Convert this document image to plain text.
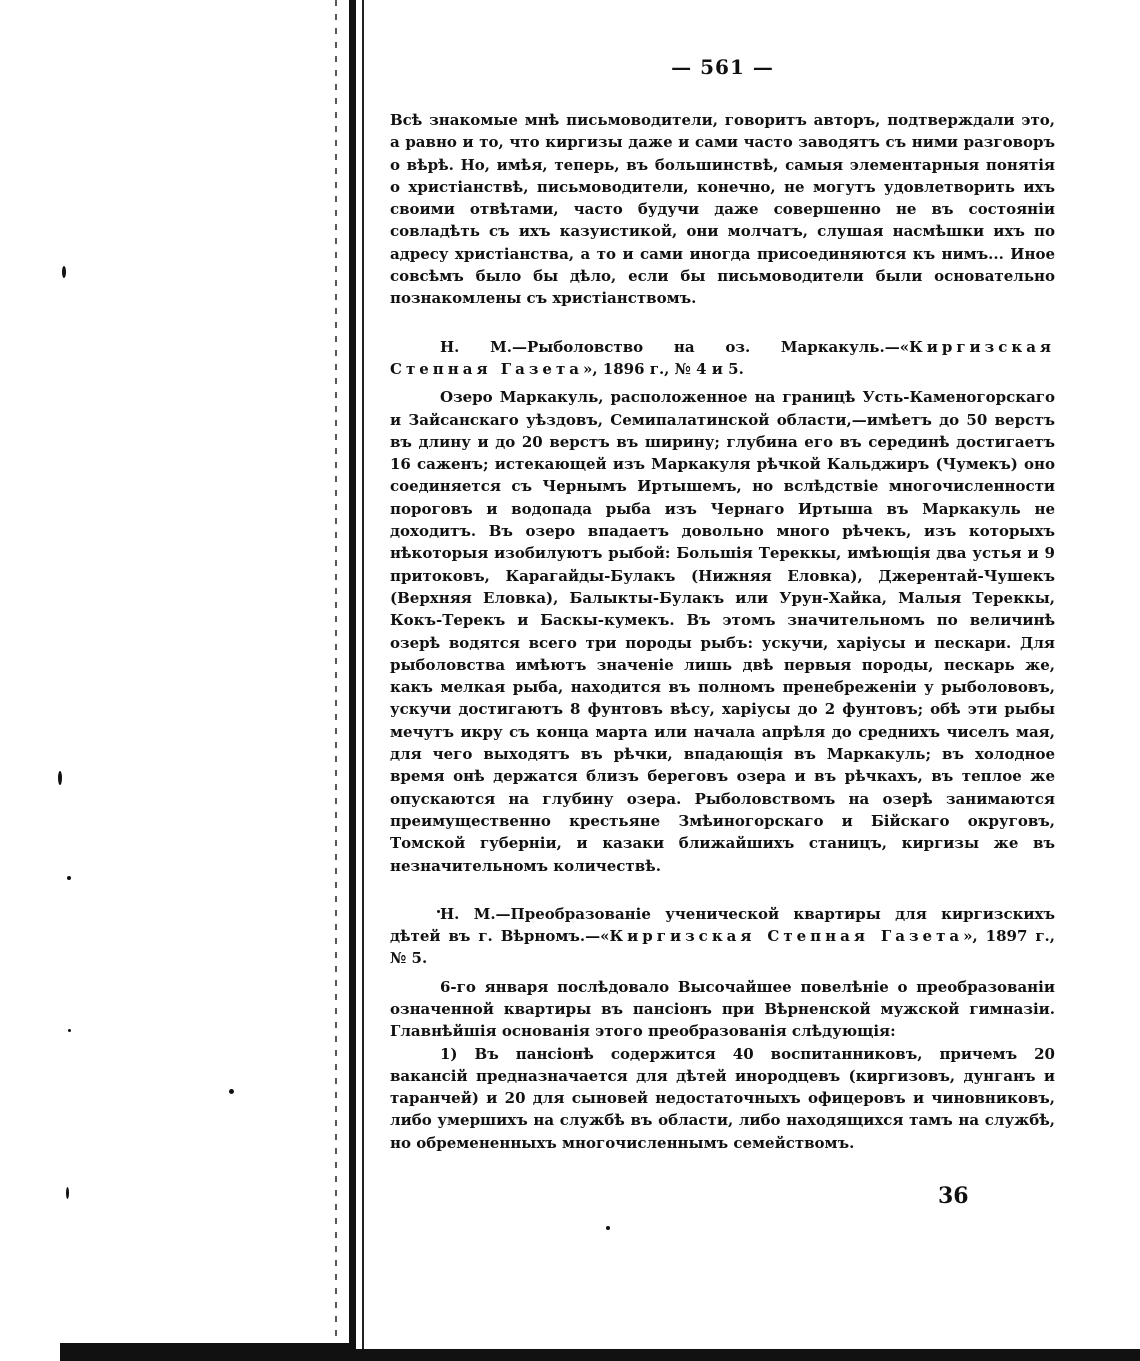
— 561 —

Всѣ знакомые мнѣ письмоводители, говоритъ авторъ, подтверждали это, а равно и то, что киргизы даже и сами часто заводятъ съ ними разговоръ о вѣрѣ. Но, имѣя, теперь, въ большинствѣ, самыя элементарныя понятія о христіанствѣ, письмоводители, конечно, не могутъ удовлетворить ихъ своими отвѣтами, часто будучи даже совершенно не въ состояніи совладѣть съ ихъ казуистикой, они молчатъ, слушая насмѣшки ихъ по адресу христіанства, а то и сами иногда присоединяются къ нимъ... Иное совсѣмъ было бы дѣло, если бы письмоводители были основательно познакомлены съ христіанствомъ.

Н. М.—Рыболовство на оз. Маркакуль.—«Киргизская Степная Газета», 1896 г., № 4 и 5.

Озеро Маркакуль, расположенное на границѣ Усть-Каменогорскаго и Зайсанскаго уѣздовъ, Семипалатинской области,—имѣетъ до 50 верстъ въ длину и до 20 верстъ въ ширину; глубина его въ серединѣ достигаетъ 16 саженъ; истекающей изъ Маркакуля рѣчкой Кальджиръ (Чумекъ) оно соединяется съ Чернымъ Иртышемъ, но вслѣдствіе многочисленности пороговъ и водопада рыба изъ Чернаго Иртыша въ Маркакуль не доходитъ. Въ озеро впадаетъ довольно много рѣчекъ, изъ которыхъ нѣкоторыя изобилуютъ рыбой: Большія Тереккы, имѣющія два устья и 9 притоковъ, Карагайды-Булакъ (Нижняя Еловка), Джерентай-Чушекъ (Верхняя Еловка), Балыкты-Булакъ или Урун-Хайка, Малыя Тереккы, Кокъ-Терекъ и Баскы-кумекъ. Въ этомъ значительномъ по величинѣ озерѣ водятся всего три породы рыбъ: ускучи, харіусы и пескари. Для рыболовства имѣютъ значеніе лишь двѣ первыя породы, пескарь же, какъ мелкая рыба, находится въ полномъ пренебреженіи у рыболововъ, ускучи достигаютъ 8 фунтовъ вѣсу, харіусы до 2 фунтовъ; обѣ эти рыбы мечутъ икру съ конца марта или начала апрѣля до среднихъ чиселъ мая, для чего выходятъ въ рѣчки, впадающія въ Маркакуль; въ холодное время онѣ держатся близъ береговъ озера и въ рѣчкахъ, въ теплое же опускаются на глубину озера. Рыболовствомъ на озерѣ занимаются преимущественно крестьяне Змѣиногорскаго и Бійскаго округовъ, Томской губерніи, и казаки ближайшихъ станицъ, киргизы же въ незначительномъ количествѣ.

Н. М.—Преобразованіе ученической квартиры для киргизскихъ дѣтей въ г. Вѣрномъ.—«Киргизская Степная Газета», 1897 г., № 5.

6-го января послѣдовало Высочайшее повелѣніе о преобразованіи означенной квартиры въ пансіонъ при Вѣрненской мужской гимназіи. Главнѣйшія основанія этого преобразованія слѣдующія:

1) Въ пансіонѣ содержится 40 воспитанниковъ, причемъ 20 вакансій предназначается для дѣтей инородцевъ (киргизовъ, дунганъ и таранчей) и 20 для сыновей недостаточныхъ офицеровъ и чиновниковъ, либо умершихъ на службѣ въ области, либо находящихся тамъ на службѣ, но обремененныхъ многочисленнымъ семействомъ.

36
